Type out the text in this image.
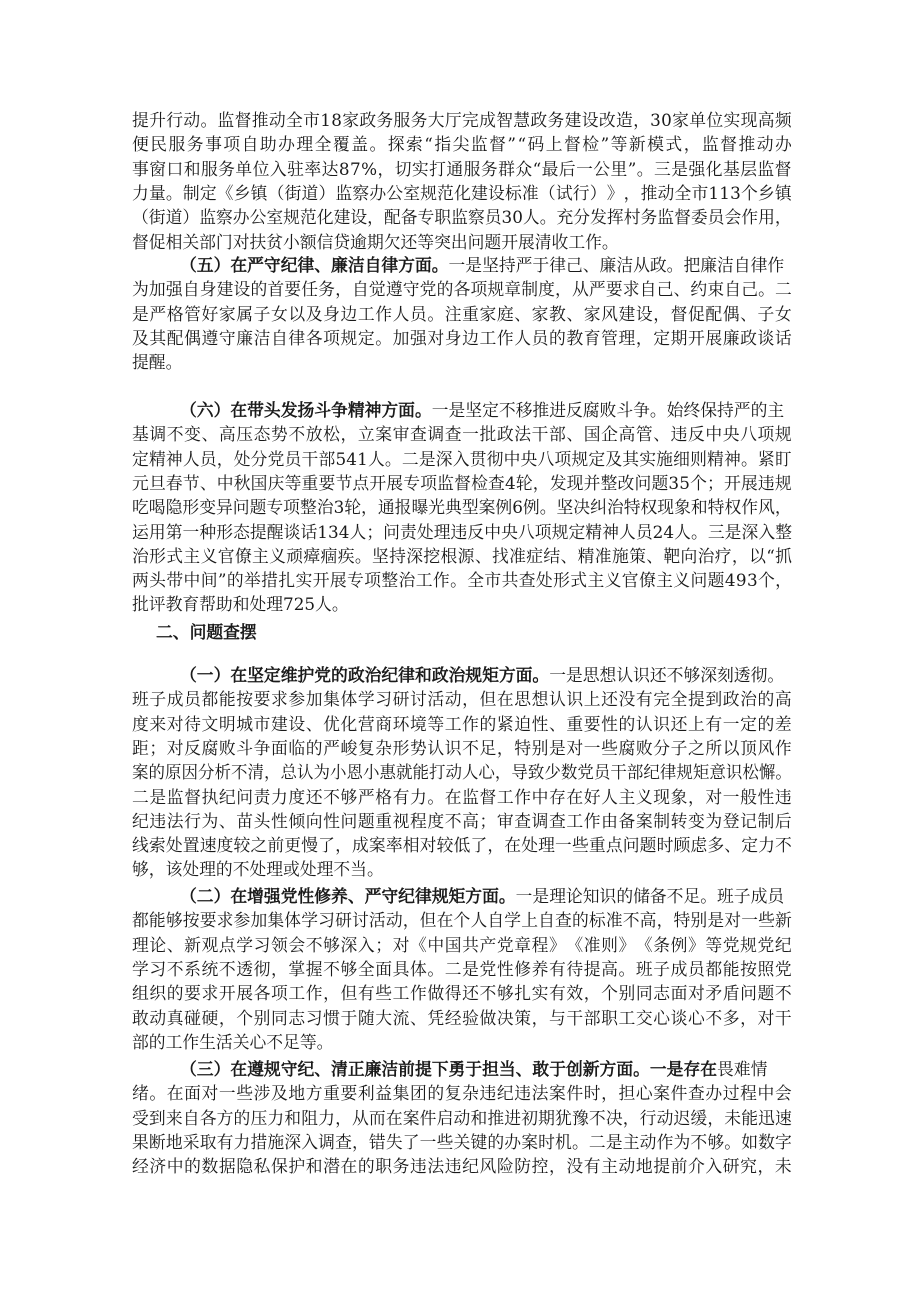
提 升 行 动 。 监 督 推 动 全 市 1 8 家 政 务 服 务 大 厅 完 成 智 慧 政 务 建 设 改 造 ， 3 0 家 单 位 实 现 高 频
便 民 服 务 事 项 自 助 办 理 全 覆 盖 。 探 索 “ 指 尖 监 督 ” “ 码 上 督 检 ” 等 新 模 式 ， 监 督 推 动 办
事 窗 口 和 服 务 单 位 入 驻 率 达 8 7 % ， 切 实 打 通 服 务 群 众 “ 最 后 一 公 里 ” 。 三 是 强 化 基 层 监 督
力 量 。 制 定 《 乡 镇 （ 街 道 ） 监 察 办 公 室 规 范 化 建 设 标 准 （ 试 行 ） 》 ， 推 动 全 市 1 1 3 个 乡 镇
（ 街 道 ） 监 察 办 公 室 规 范 化 建 设 ， 配 备 专 职 监 察 员 3 0 人 。 充 分 发 挥 村 务 监 督 委 员 会 作 用 ，
督促相关部门对扶贫小额信贷逾期欠还等突出问题开展清收工作。
（五）在严守纪律、廉洁自律方面。一是坚持严于律己、廉洁从政。把廉洁自律作
为 加 强 自 身 建 设 的 首 要 任 务 ， 自 觉 遵 守 党 的 各 项 规 章 制 度 ， 从 严 要 求 自 己 、 约 束 自 己 。 二
是 严 格 管 好 家 属 子 女 以 及 身 边 工 作 人 员 。 注 重 家 庭 、 家 教 、 家 风 建 设 ， 督 促 配 偶 、 子 女
及 其 配 偶 遵 守 廉 洁 自 律 各 项 规 定 。 加 强 对 身 边 工 作 人 员 的 教 育 管 理 ， 定 期 开 展 廉 政 谈 话
提醒。
（六）在带头发扬斗争精神方面。一是坚定不移推进反腐败斗争。始终保持严的主
基 调 不 变 、 高 压 态 势 不 放 松 ， 立 案 审 查 调 查 一 批 政 法 干 部 、 国 企 高 管 、 违 反 中 央 八 项 规
定 精 神 人 员 ， 处 分 党 员 干 部 5 4 1 人 。 二 是 深 入 贯 彻 中 央 八 项 规 定 及 其 实 施 细 则 精 神 。 紧 盯
元 旦 春 节 、 中 秋 国 庆 等 重 要 节 点 开 展 专 项 监 督 检 查 4 轮 ， 发 现 并 整 改 问 题 3 5 个 ； 开 展 违 规
吃 喝 隐 形 变 异 问 题 专 项 整 治 3 轮 ， 通 报 曝 光 典 型 案 例 6 例 。 坚 决 纠 治 特 权 现 象 和 特 权 作 风 ，
运 用 第 一 种 形 态 提 醒 谈 话 1 3 4 人 ； 问 责 处 理 违 反 中 央 八 项 规 定 精 神 人 员 2 4 人 。 三 是 深 入 整
治 形 式 主 义 官 僚 主 义 顽 瘴 痼 疾 。 坚 持 深 挖 根 源 、 找 准 症 结 、 精 准 施 策 、 靶 向 治 疗 ， 以 “ 抓
两 头 带 中 间 ” 的 举 措 扎 实 开 展 专 项 整 治 工 作 。 全 市 共 查 处 形 式 主 义 官 僚 主 义 问 题 4 9 3 个 ，
批评教育帮助和处理725人。
二、问题查摆
（一）在坚定维护党的政治纪律和政治规矩方面。一是思想认识还不够深刻透彻。
班 子 成 员 都 能 按 要 求 参 加 集 体 学 习 研 讨 活 动 ， 但 在 思 想 认 识 上 还 没 有 完 全 提 到 政 治 的 高
度 来 对 待 文 明 城 市 建 设 、 优 化 营 商 环 境 等 工 作 的 紧 迫 性 、 重 要 性 的 认 识 还 上 有 一 定 的 差
距 ； 对 反 腐 败 斗 争 面 临 的 严 峻 复 杂 形 势 认 识 不 足 ， 特 别 是 对 一 些 腐 败 分 子 之 所 以 顶 风 作
案 的 原 因 分 析 不 清 ， 总 认 为 小 恩 小 惠 就 能 打 动 人 心 ， 导 致 少 数 党 员 干 部 纪 律 规 矩 意 识 松 懈 。
二 是 监 督 执 纪 问 责 力 度 还 不 够 严 格 有 力 。 在 监 督 工 作 中 存 在 好 人 主 义 现 象 ， 对 一 般 性 违
纪 违 法 行 为 、 苗 头 性 倾 向 性 问 题 重 视 程 度 不 高 ； 审 查 调 查 工 作 由 备 案 制 转 变 为 登 记 制 后
线 索 处 置 速 度 较 之 前 更 慢 了 ， 成 案 率 相 对 较 低 了 ， 在 处 理 一 些 重 点 问 题 时 顾 虑 多 、 定 力 不
够，该处理的不处理或处理不当。
（二）在增强党性修养、严守纪律规矩方面。一是理论知识的储备不足。班子成员
都 能 够 按 要 求 参 加 集 体 学 习 研 讨 活 动 ， 但 在 个 人 自 学 上 自 查 的 标 准 不 高 ， 特 别 是 对 一 些 新
理 论 、 新 观 点 学 习 领 会 不 够 深 入 ； 对 《 中 国 共 产 党 章 程 》 《 准 则 》 《 条 例 》 等 党 规 党 纪
学 习 不 系 统 不 透 彻 ， 掌 握 不 够 全 面 具 体 。 二 是 党 性 修 养 有 待 提 高 。 班 子 成 员 都 能 按 照 党
组 织 的 要 求 开 展 各 项 工 作 ， 但 有 些 工 作 做 得 还 不 够 扎 实 有 效 ， 个 别 同 志 面 对 矛 盾 问 题 不
敢 动 真 碰 硬 ， 个 别 同 志 习 惯 于 随 大 流 、 凭 经 验 做 决 策 ， 与 干 部 职 工 交 心 谈 心 不 多 ， 对 干
部的工作生活关心不足等。
（三）在遵规守纪、清正廉洁前提下勇于担当、敢于创新方面。一是存在畏难情
绪 。 在 面 对 一 些 涉 及 地 方 重 要 利 益 集 团 的 复 杂 违 纪 违 法 案 件 时 ， 担 心 案 件 查 办 过 程 中 会
受 到 来 自 各 方 的 压 力 和 阻 力 ， 从 而 在 案 件 启 动 和 推 进 初 期 犹 豫 不 决 ， 行 动 迟 缓 ， 未 能 迅 速
果 断 地 采 取 有 力 措 施 深 入 调 查 ， 错 失 了 一 些 关 键 的 办 案 时 机 。 二 是 主 动 作 为 不 够 。 如 数 字
经 济 中 的 数 据 隐 私 保 护 和 潜 在 的 职 务 违 法 违 纪 风 险 防 控 ， 没 有 主 动 地 提 前 介 入 研 究 ， 未
